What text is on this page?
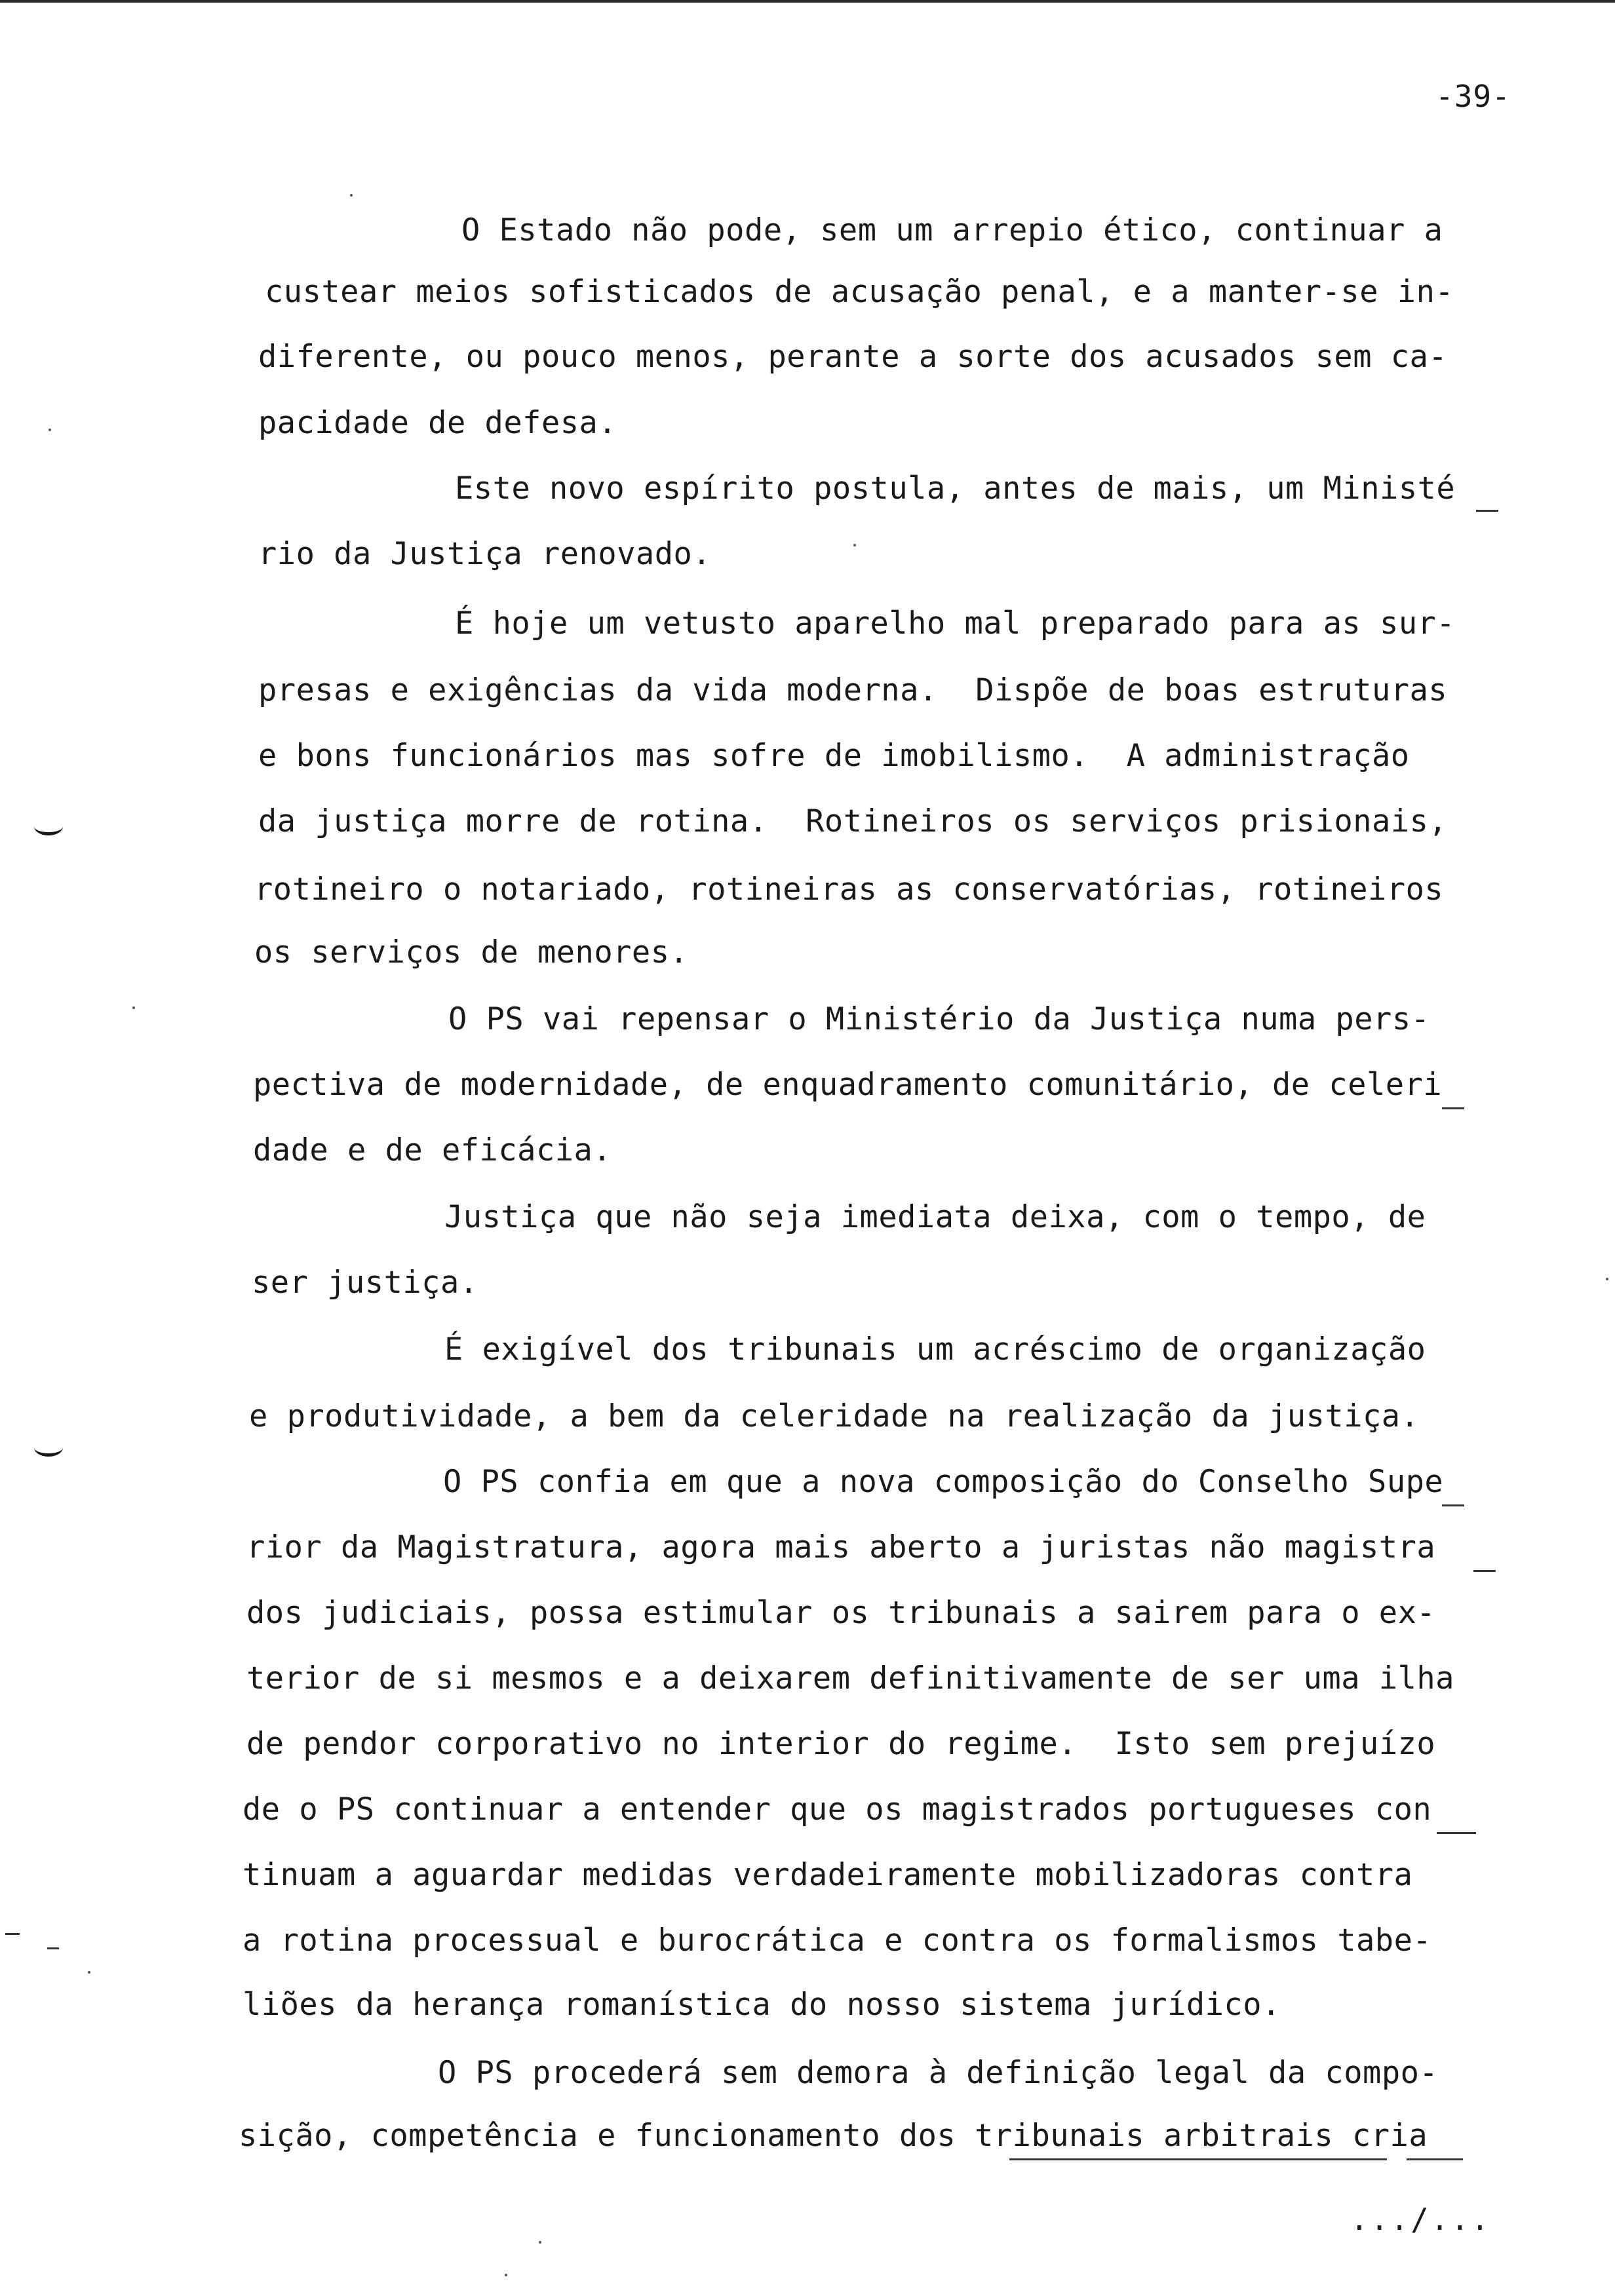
-39-
O Estado não pode, sem um arrepio ético, continuar a
custear meios sofisticados de acusação penal, e a manter-se in-
diferente, ou pouco menos, perante a sorte dos acusados sem ca-
pacidade de defesa.
Este novo espírito postula, antes de mais, um Ministé
rio da Justiça renovado.
É hoje um vetusto aparelho mal preparado para as sur-
presas e exigências da vida moderna.  Dispõe de boas estruturas
e bons funcionários mas sofre de imobilismo.  A administração
da justiça morre de rotina.  Rotineiros os serviços prisionais,
rotineiro o notariado, rotineiras as conservatórias, rotineiros
os serviços de menores.
O PS vai repensar o Ministério da Justiça numa pers-
pectiva de modernidade, de enquadramento comunitário, de celeri
dade e de eficácia.
Justiça que não seja imediata deixa, com o tempo, de
ser justiça.
É exigível dos tribunais um acréscimo de organização
e produtividade, a bem da celeridade na realização da justiça.
O PS confia em que a nova composição do Conselho Supe
rior da Magistratura, agora mais aberto a juristas não magistra
dos judiciais, possa estimular os tribunais a sairem para o ex-
terior de si mesmos e a deixarem definitivamente de ser uma ilha
de pendor corporativo no interior do regime.  Isto sem prejuízo
de o PS continuar a entender que os magistrados portugueses con
tinuam a aguardar medidas verdadeiramente mobilizadoras contra
a rotina processual e burocrática e contra os formalismos tabe-
liões da herança romanística do nosso sistema jurídico.
O PS procederá sem demora à definição legal da compo-
sição, competência e funcionamento dos tribunais arbitrais cria
.../...
